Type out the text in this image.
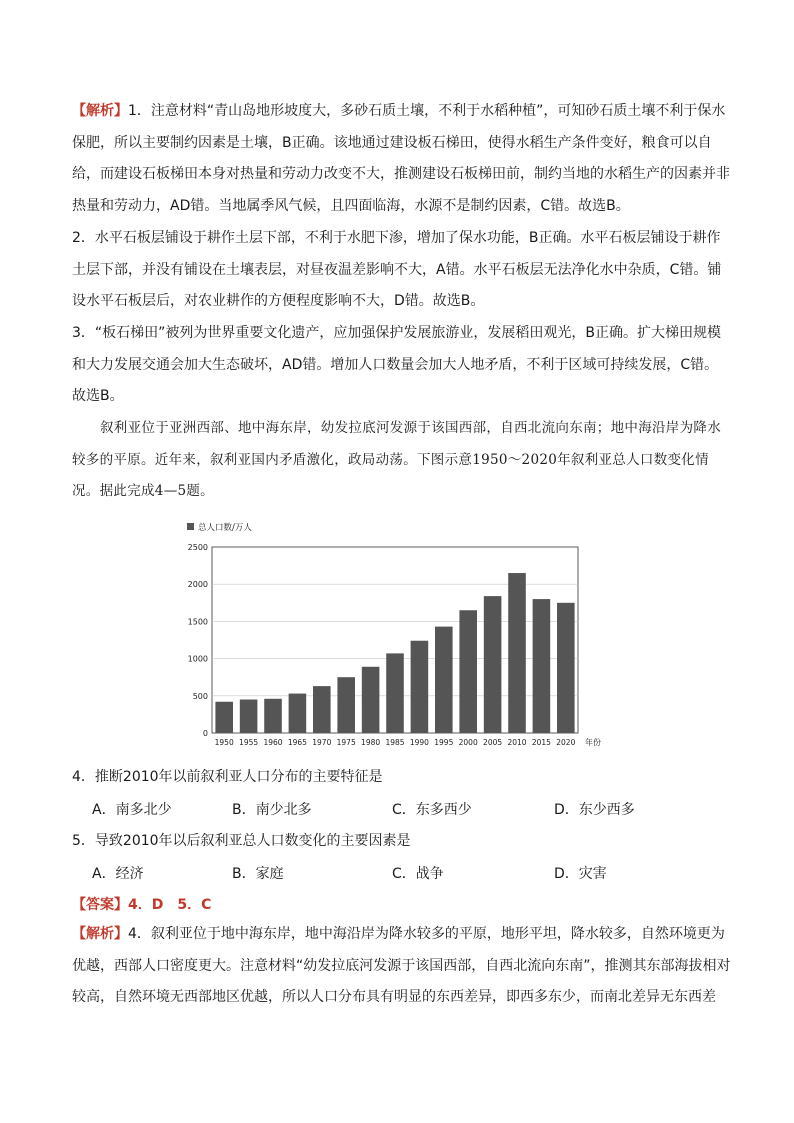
【解析】1．注意材料“青山岛地形坡度大，多砂石质土壤，不利于水稻种植”，可知砂石质土壤不利于保水保肥，所以主要制约因素是土壤，B正确。该地通过建设板石梯田，使得水稻生产条件变好，粮食可以自给，而建设石板梯田本身对热量和劳动力改变不大，推测建设石板梯田前，制约当地的水稻生产的因素并非热量和劳动力，AD错。当地属季风气候，且四面临海，水源不是制约因素，C错。故选B。

2．水平石板层铺设于耕作土层下部，不利于水肥下渗，增加了保水功能，B正确。水平石板层铺设于耕作土层下部，并没有铺设在土壤表层，对昼夜温差影响不大，A错。水平石板层无法净化水中杂质，C错。铺设水平石板层后，对农业耕作的方便程度影响不大，D错。故选B。

3．“板石梯田”被列为世界重要文化遗产，应加强保护发展旅游业，发展稻田观光，B正确。扩大梯田规模和大力发展交通会加大生态破坏，AD错。增加人口数量会加大人地矛盾，不利于区域可持续发展，C错。故选B。

叙利亚位于亚洲西部、地中海东岸，幼发拉底河发源于该国西部，自西北流向东南；地中海沿岸为降水较多的平原。近年来，叙利亚国内矛盾激化，政局动荡。下图示意1950～2020年叙利亚总人口数变化情况。据此完成4—5题。

总人口数/万人
0
500
1000
1500
2000
2500
1950 1955 1960 1965 1970 1975 1980 1985 1990 1995 2000 2005 2010 2015 2020 年份

4．推断2010年以前叙利亚人口分布的主要特征是

A．南多北少	B．南少北多	C．东多西少	D．东少西多

5．导致2010年以后叙利亚总人口数变化的主要因素是

A．经济	B．家庭	C．战争	D．灾害

【答案】4．D　5．C

【解析】4．叙利亚位于地中海东岸，地中海沿岸为降水较多的平原，地形平坦，降水较多，自然环境更为优越，西部人口密度更大。注意材料“幼发拉底河发源于该国西部，自西北流向东南”，推测其东部海拔相对较高，自然环境无西部地区优越，所以人口分布具有明显的东西差异，即西多东少，而南北差异无东西差
